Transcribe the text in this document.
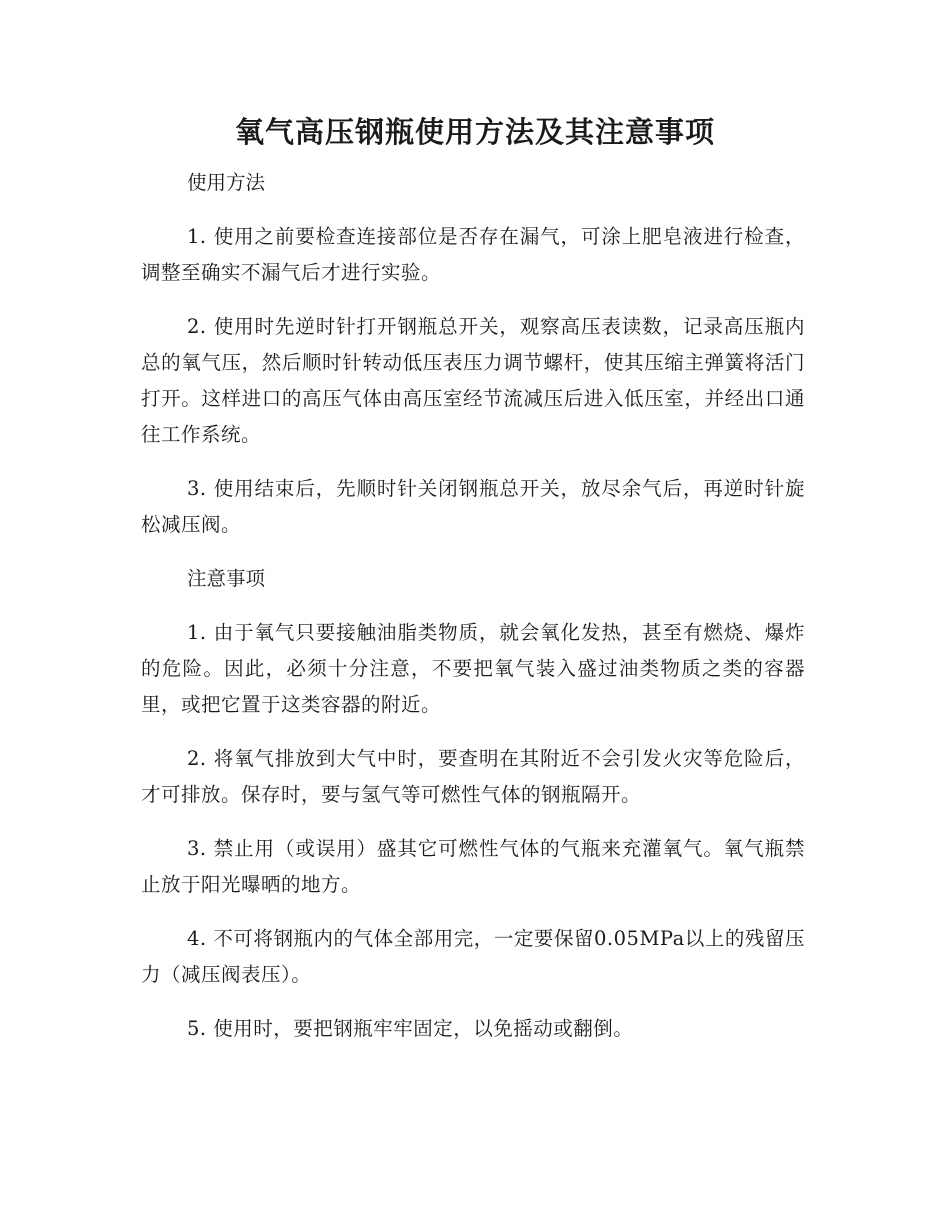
氧气高压钢瓶使用方法及其注意事项

使用方法

1. 使用之前要检查连接部位是否存在漏气，可涂上肥皂液进行检查，调整至确实不漏气后才进行实验。

2. 使用时先逆时针打开钢瓶总开关，观察高压表读数，记录高压瓶内总的氧气压，然后顺时针转动低压表压力调节螺杆，使其压缩主弹簧将活门打开。这样进口的高压气体由高压室经节流减压后进入低压室，并经出口通往工作系统。

3. 使用结束后，先顺时针关闭钢瓶总开关，放尽余气后，再逆时针旋松减压阀。

注意事项

1. 由于氧气只要接触油脂类物质，就会氧化发热，甚至有燃烧、爆炸的危险。因此，必须十分注意，不要把氧气装入盛过油类物质之类的容器里，或把它置于这类容器的附近。

2. 将氧气排放到大气中时，要查明在其附近不会引发火灾等危险后，才可排放。保存时，要与氢气等可燃性气体的钢瓶隔开。

3. 禁止用（或误用）盛其它可燃性气体的气瓶来充灌氧气。氧气瓶禁止放于阳光曝晒的地方。

4. 不可将钢瓶内的气体全部用完，一定要保留0.05MPa以上的残留压力（减压阀表压）。

5. 使用时，要把钢瓶牢牢固定，以免摇动或翻倒。
